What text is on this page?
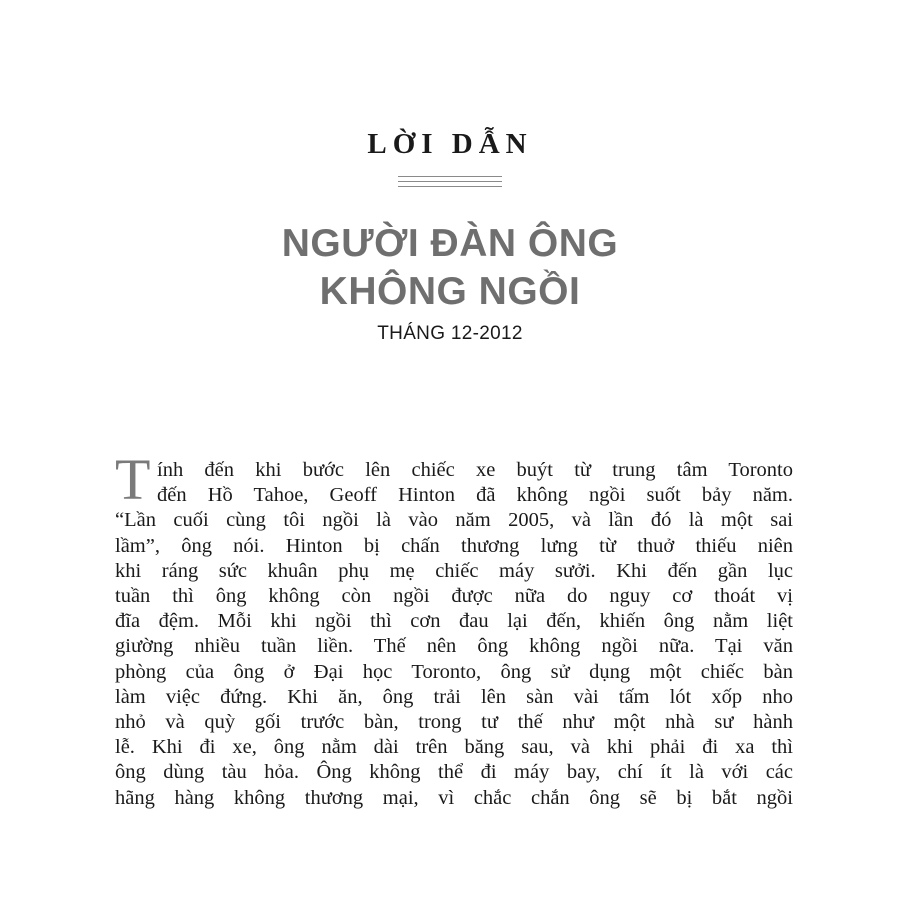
LỜI DẪN
NGƯỜI ĐÀN ÔNG
KHÔNG NGỒI
THÁNG 12-2012
T ính đến khi bước lên chiếc xe buýt từ trung tâm Toronto
đến Hồ Tahoe, Geoff Hinton đã không ngồi suốt bảy năm.
“Lần cuối cùng tôi ngồi là vào năm 2005, và lần đó là một sai
lầm”, ông nói. Hinton bị chấn thương lưng từ thuở thiếu niên
khi ráng sức khuân phụ mẹ chiếc máy sưởi. Khi đến gần lục
tuần thì ông không còn ngồi được nữa do nguy cơ thoát vị
đĩa đệm. Mỗi khi ngồi thì cơn đau lại đến, khiến ông nằm liệt
giường nhiều tuần liền. Thế nên ông không ngồi nữa. Tại văn
phòng của ông ở Đại học Toronto, ông sử dụng một chiếc bàn
làm việc đứng. Khi ăn, ông trải lên sàn vài tấm lót xốp nho
nhỏ và quỳ gối trước bàn, trong tư thế như một nhà sư hành
lễ. Khi đi xe, ông nằm dài trên băng sau, và khi phải đi xa thì
ông dùng tàu hỏa. Ông không thể đi máy bay, chí ít là với các
hãng hàng không thương mại, vì chắc chắn ông sẽ bị bắt ngồi
